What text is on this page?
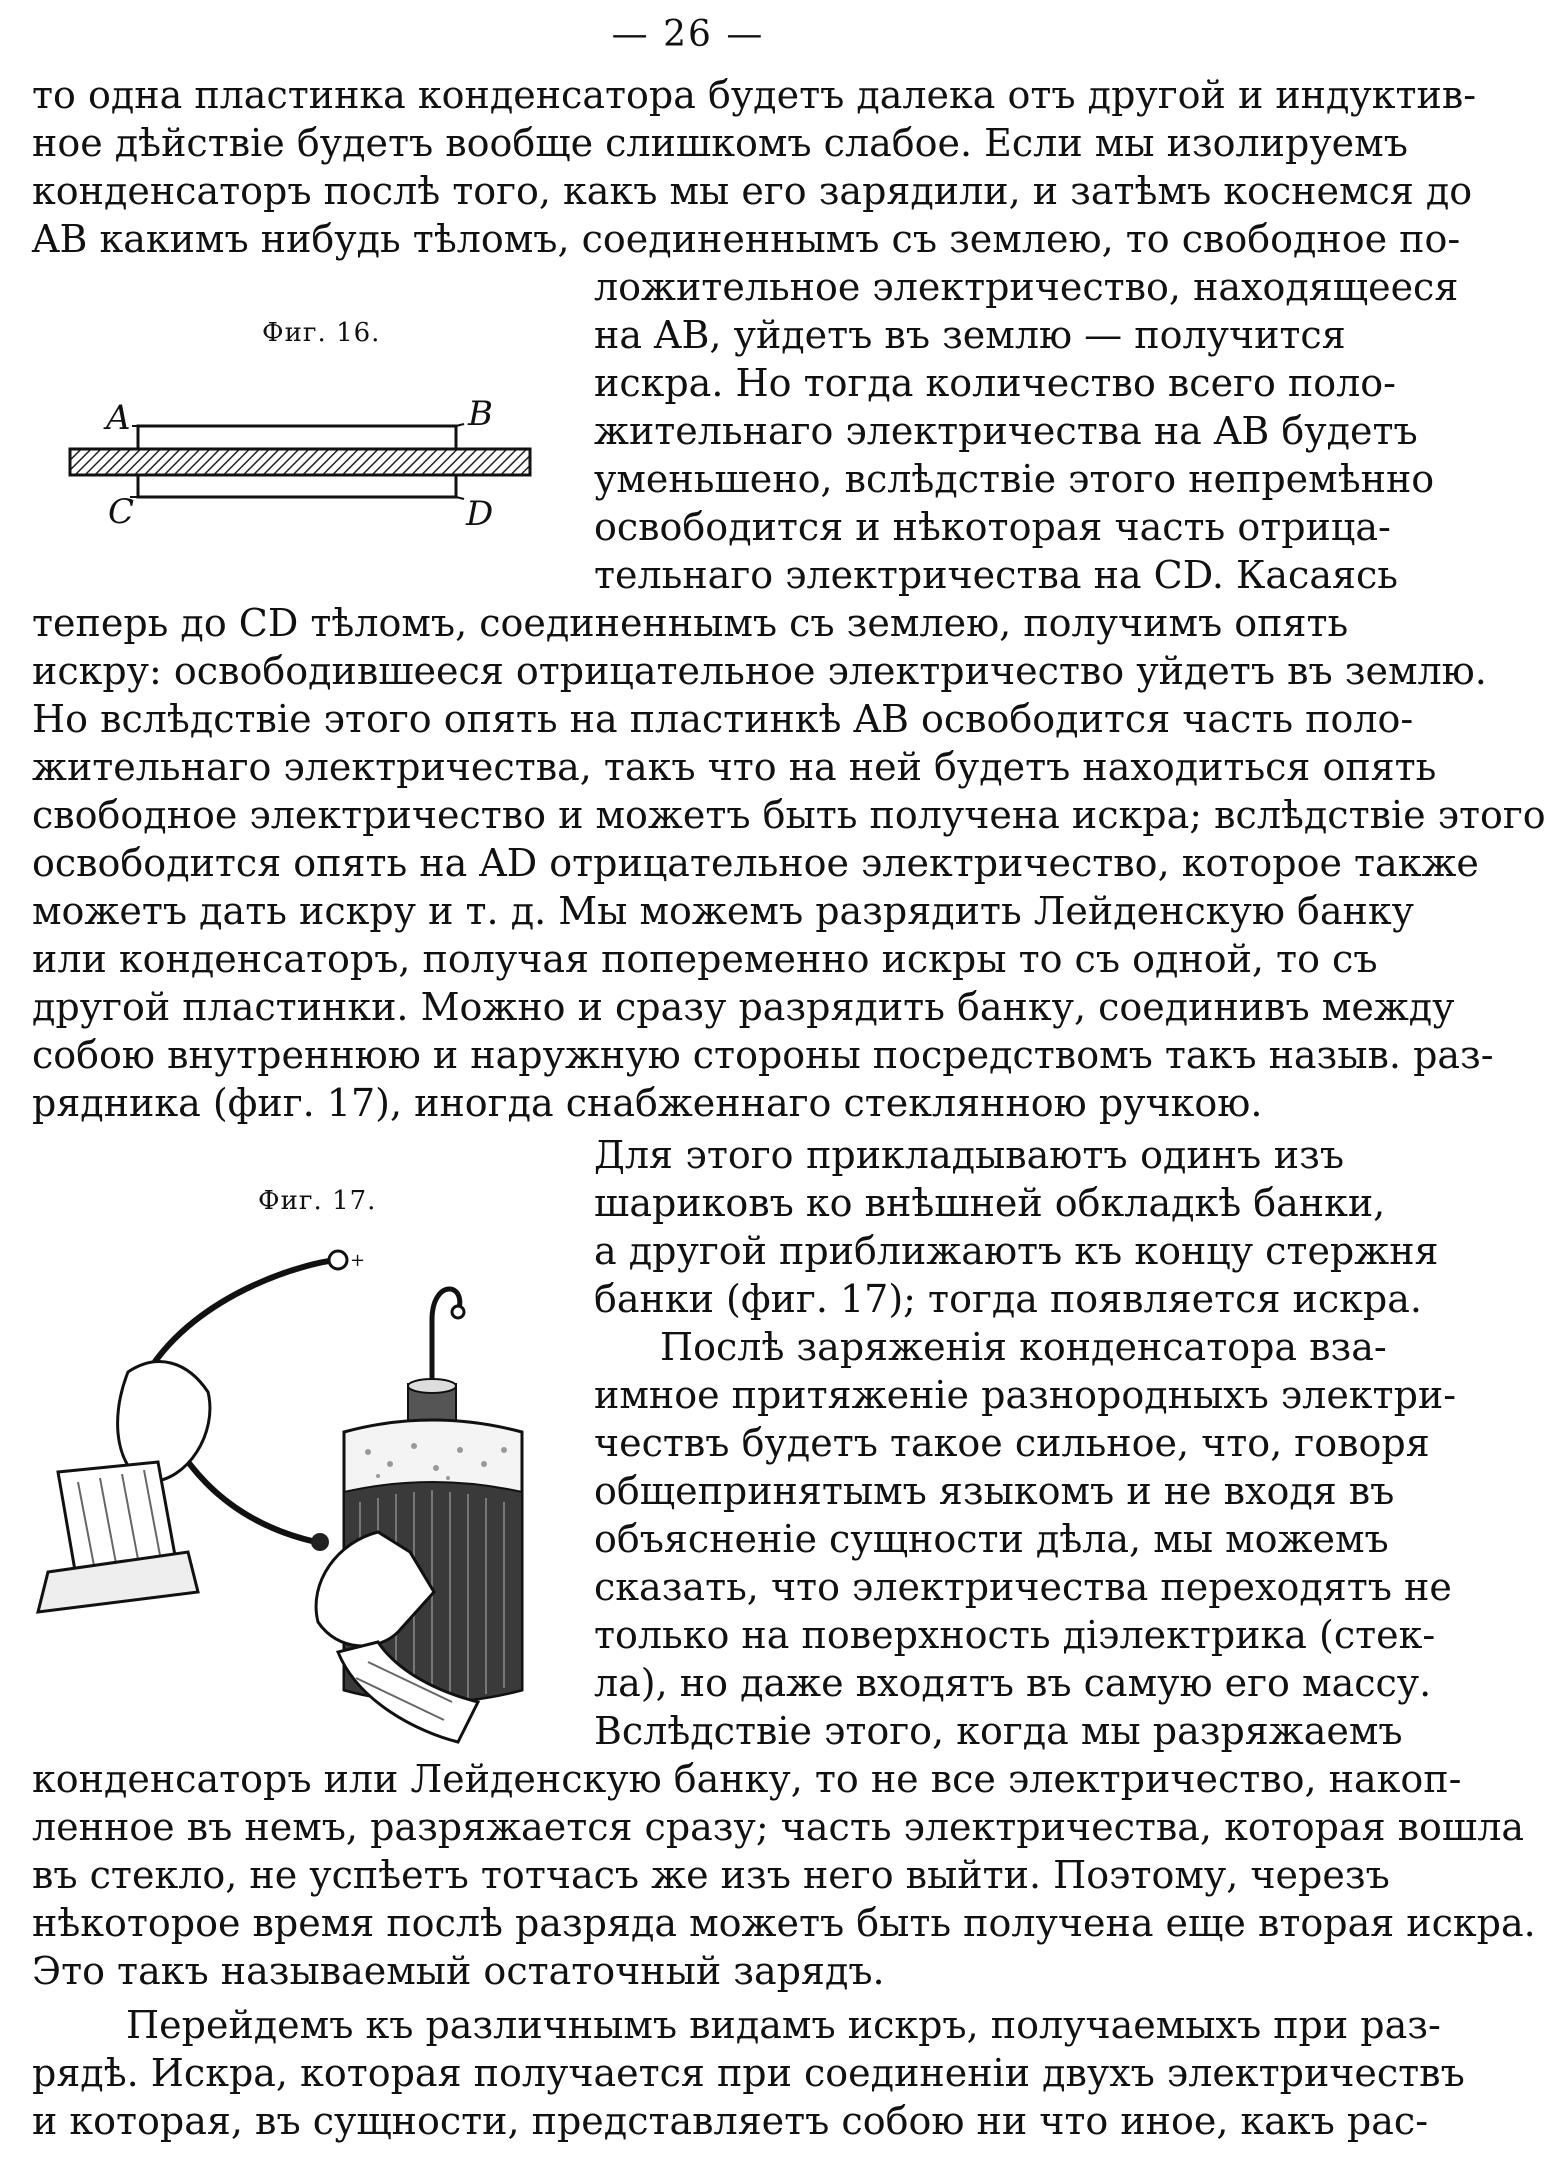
— 26 —
то одна пластинка конденсатора будетъ далека отъ другой и индуктив-
ное дѣйствіе будетъ вообще слишкомъ слабое. Если мы изолируемъ
конденсаторъ послѣ того, какъ мы его зарядили, и затѣмъ коснемся до
AB какимъ нибудь тѣломъ, соединеннымъ съ землею, то свободное по-
Фиг. 16.
A	B
C	D
ложительное электричество, находящееся
на AB, уйдетъ въ землю — получится
искра. Но тогда количество всего поло-
жительнаго электричества на AB будетъ
уменьшено, вслѣдствіе этого непремѣнно
освободится и нѣкоторая часть отрица-
тельнаго электричества на CD. Касаясь
теперь до CD тѣломъ, соединеннымъ съ землею, получимъ опять
искру: освободившееся отрицательное электричество уйдетъ въ землю.
Но вслѣдствіе этого опять на пластинкѣ AB освободится часть поло-
жительнаго электричества, такъ что на ней будетъ находиться опять
свободное электричество и можетъ быть получена искра; вслѣдствіе этого
освободится опять на AD отрицательное электричество, которое также
можетъ дать искру и т. д. Мы можемъ разрядить Лейденскую банку
или конденсаторъ, получая попеременно искры то съ одной, то съ
другой пластинки. Можно и сразу разрядить банку, соединивъ между
собою внутреннюю и наружную стороны посредствомъ такъ назыв. раз-
рядника (фиг. 17), иногда снабженнаго стеклянною ручкою.
Фиг. 17.
+
Для этого прикладываютъ одинъ изъ
шариковъ ко внѣшней обкладкѣ банки,
а другой приближаютъ къ концу стержня
банки (фиг. 17); тогда появляется искра.
Послѣ заряженія конденсатора вза-
имное притяженіе разнородныхъ электри-
чествъ будетъ такое сильное, что, говоря
общепринятымъ языкомъ и не входя въ
объясненіе сущности дѣла, мы можемъ
сказать, что электричества переходятъ не
только на поверхность діэлектрика (стек-
ла), но даже входятъ въ самую его массу.
Вслѣдствіе этого, когда мы разряжаемъ
конденсаторъ или Лейденскую банку, то не все электричество, накоп-
ленное въ немъ, разряжается сразу; часть электричества, которая вошла
въ стекло, не успѣетъ тотчасъ же изъ него выйти. Поэтому, черезъ
нѣкоторое время послѣ разряда можетъ быть получена еще вторая искра.
Это такъ называемый остаточный зарядъ.
Перейдемъ къ различнымъ видамъ искръ, получаемыхъ при раз-
рядѣ. Искра, которая получается при соединеніи двухъ электричествъ
и которая, въ сущности, представляетъ собою ни что иное, какъ рас-
